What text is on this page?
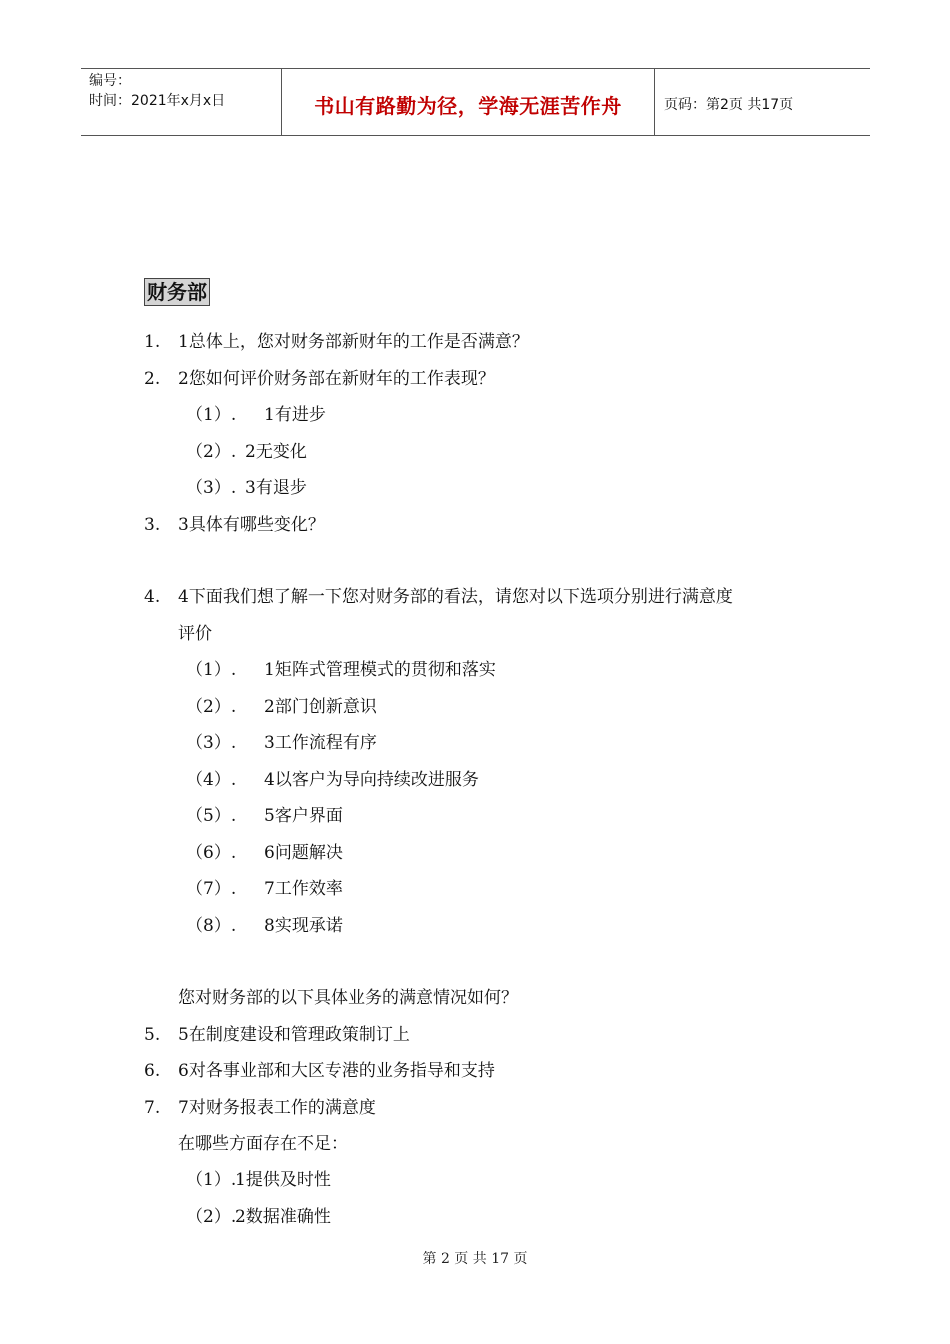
编号：
时间：2021年x月x日	书山有路勤为径，学海无涯苦作舟	页码：第2页 共17页
财务部
1. 1总体上，您对财务部新财年的工作是否满意？
2. 2您如何评价财务部在新财年的工作表现？
（1）. 1有进步
（2）. 2无变化
（3）. 3有退步
3. 3具体有哪些变化？
4. 4下面我们想了解一下您对财务部的看法，请您对以下选项分别进行满意度
评价
（1）. 1矩阵式管理模式的贯彻和落实
（2）. 2部门创新意识
（3）. 3工作流程有序
（4）. 4以客户为导向持续改进服务
（5）. 5客户界面
（6）. 6问题解决
（7）. 7工作效率
（8）. 8实现承诺
您对财务部的以下具体业务的满意情况如何？
5. 5在制度建设和管理政策制订上
6. 6对各事业部和大区专港的业务指导和支持
7. 7对财务报表工作的满意度
在哪些方面存在不足：
（1）.
1提供及时性
（2）.
2数据准确性
第 2 页 共 17 页
